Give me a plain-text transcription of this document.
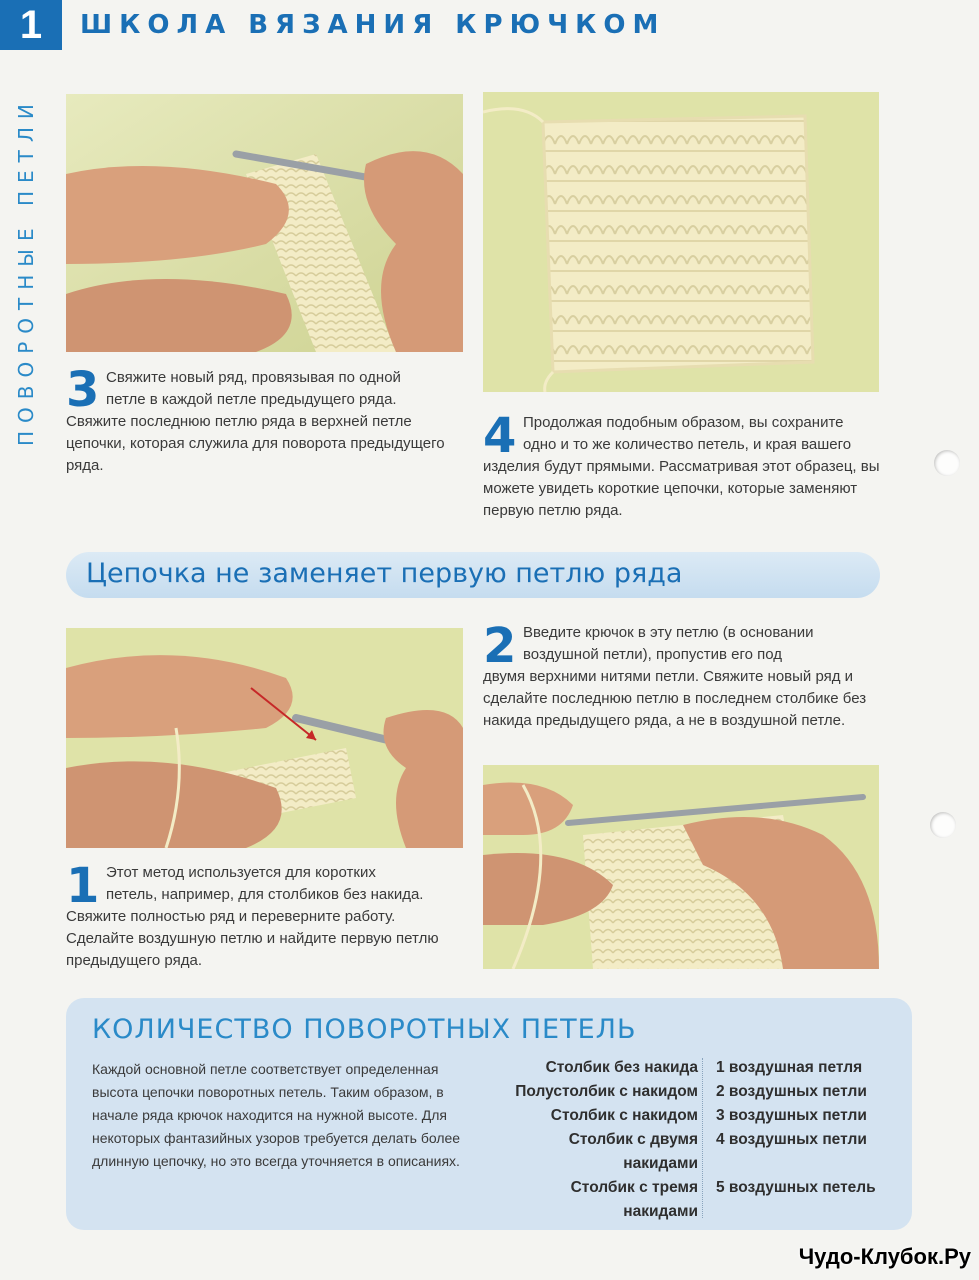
1	ШКОЛА ВЯЗАНИЯ КРЮЧКОМ
ПОВОРОТНЫЕ ПЕТЛИ 3 Свяжите новый ряд, провязывая по одной
петле в каждой петле предыдущего ряда.
Свяжите последнюю петлю ряда в верхней петле цепочки, которая служила для поворота предыдущего ряда.
4 Продолжая подобным образом, вы сохраните
одно и то же количество петель, и края вашего
изделия будут прямыми. Рассматривая этот образец, вы можете увидеть короткие цепочки, которые заменяют первую петлю ряда.
Цепочка не заменяет первую петлю ряда
2 Введите крючок в эту петлю (в основании
воздушной петли), пропустив его под
двумя верхними нитями петли. Свяжите новый ряд и сделайте последнюю петлю в последнем столбике без накида предыдущего ряда, а не в воздушной петле.
1 Этот метод используется для коротких
петель, например, для столбиков без накида.
Свяжите полностью ряд и переверните работу. Сделайте воздушную петлю и найдите первую петлю предыдущего ряда.
КОЛИЧЕСТВО ПОВОРОТНЫХ ПЕТЕЛЬ
Каждой основной петле соответствует определенная высота цепочки поворотных петель. Таким образом, в начале ряда крючок находится на нужной высоте. Для некоторых фантазийных узоров требуется делать более длинную цепочку, но это всегда уточняется в описаниях.
Столбик без накида
Полустолбик с накидом
Столбик с накидом
Столбик с двумя
накидами
Столбик с тремя
накидами
1 воздушная петля
2 воздушных петли
3 воздушных петли
4 воздушных петли
5 воздушных петель
Чудо-Клубок.Ру
